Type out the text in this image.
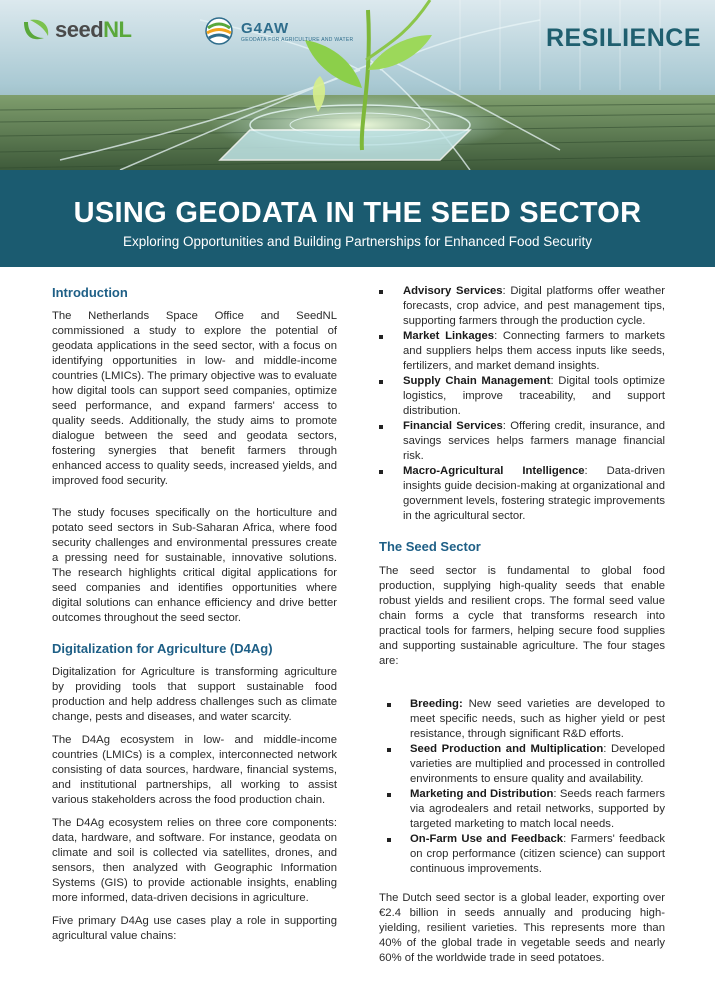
seedNL	G4AW
GEODATA FOR AGRICULTURE AND WATER	RESILIENCE
USING GEODATA IN THE SEED SECTOR
Exploring Opportunities and Building Partnerships for Enhanced Food Security
Introduction

The Netherlands Space Office and SeedNL commissioned a study to explore the potential of geodata applications in the seed sector, with a focus on identifying opportunities in low- and middle-income countries (LMICs). The primary objective was to evaluate how digital tools can support seed companies, optimize seed performance, and expand farmers' access to quality seeds. Additionally, the study aims to promote dialogue between the seed and geodata sectors, fostering synergies that benefit farmers through enhanced access to quality seeds, increased yields, and improved food security.

The study focuses specifically on the horticulture and potato seed sectors in Sub-Saharan Africa, where food security challenges and environmental pressures create a pressing need for sustainable, innovative solutions. The research highlights critical digital applications for seed companies and identifies opportunities where digital solutions can enhance efficiency and drive better outcomes throughout the seed sector.

Digitalization for Agriculture (D4Ag)

Digitalization for Agriculture is transforming agriculture by providing tools that support sustainable food production and help address challenges such as climate change, pests and diseases, and water scarcity.

The D4Ag ecosystem in low- and middle-income countries (LMICs) is a complex, interconnected network consisting of data sources, hardware, financial systems, and institutional partnerships, all working to assist various stakeholders across the food production chain.

The D4Ag ecosystem relies on three core components: data, hardware, and software. For instance, geodata on climate and soil is collected via satellites, drones, and sensors, then analyzed with Geographic Information Systems (GIS) to provide actionable insights, enabling more informed, data-driven decisions in agriculture.

Five primary D4Ag use cases play a role in supporting agricultural value chains:

Advisory Services: Digital platforms offer weather forecasts, crop advice, and pest management tips, supporting farmers through the production cycle.
Market Linkages: Connecting farmers to markets and suppliers helps them access inputs like seeds, fertilizers, and market demand insights.
Supply Chain Management: Digital tools optimize logistics, improve traceability, and support distribution.
Financial Services: Offering credit, insurance, and savings services helps farmers manage financial risk.
Macro-Agricultural Intelligence: Data-driven insights guide decision-making at organizational and government levels, fostering strategic improvements in the agricultural sector.
The Seed Sector

The seed sector is fundamental to global food production, supplying high-quality seeds that enable robust yields and resilient crops. The formal seed value chain forms a cycle that transforms research into practical tools for farmers, helping secure food supplies and supporting sustainable agriculture. The four stages are:

Breeding: New seed varieties are developed to meet specific needs, such as higher yield or pest resistance, through significant R&D efforts.
Seed Production and Multiplication: Developed varieties are multiplied and processed in controlled environments to ensure quality and availability.
Marketing and Distribution: Seeds reach farmers via agrodealers and retail networks, supported by targeted marketing to match local needs.
On-Farm Use and Feedback: Farmers' feedback on crop performance (citizen science) can support continuous improvements.

The Dutch seed sector is a global leader, exporting over €2.4 billion in seeds annually and producing high-yielding, resilient varieties. This represents more than 40% of the global trade in vegetable seeds and nearly 60% of the worldwide trade in seed potatoes.
